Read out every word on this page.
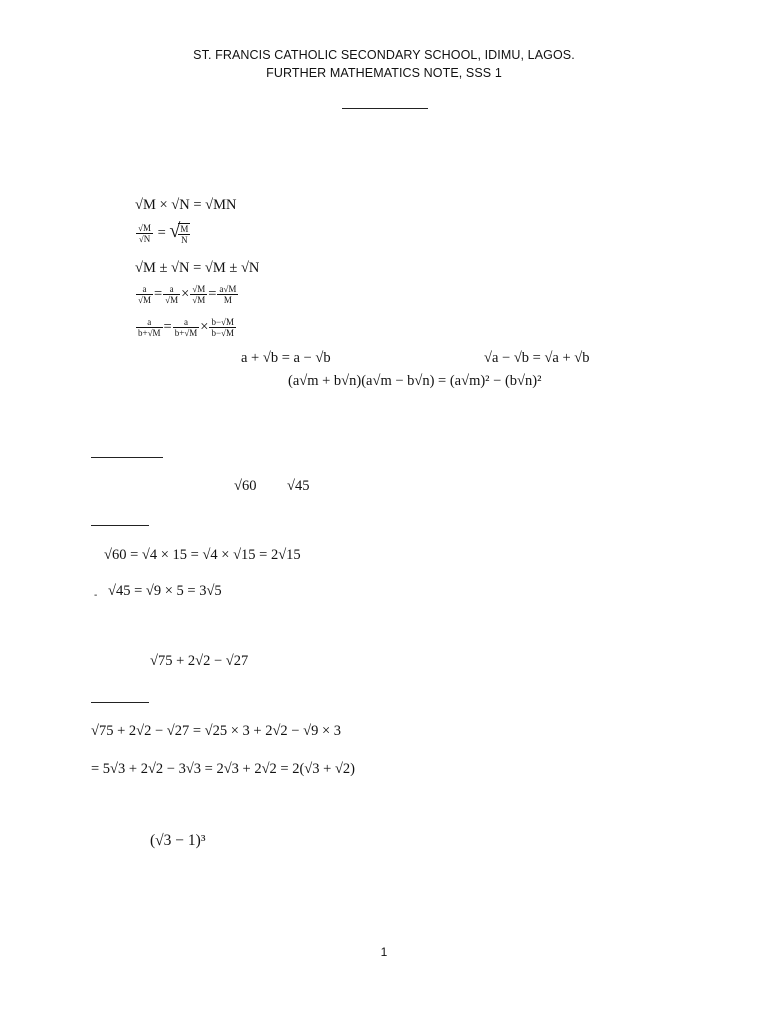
ST. FRANCIS CATHOLIC SECONDARY SCHOOL, IDIMU, LAGOS.
FURTHER MATHEMATICS NOTE, SSS 1
√M × √N = √MN
$\frac{√M}{√N}$ = √
$\frac{M}{N}$
√M ± √N = √M ± √N
$\frac{a}{√M} = \frac{a}{√M} \times \frac{√M}{√M} = \frac{a√M}{M}$
$\frac{a}{b+√M} = \frac{a}{b+√M} \times \frac{b-√M}{b-√M}$
a + √b = a − √b	√a − √b = √a + √b
(a√m + b√n)(a√m − b√n) = (a√m)² − (b√n)²
√60 √45
√60 = √4 × 15 = √4 × √15 = 2√15
- √45 = √9 × 5 = 3√5
√75 + 2√2 − √27
√75 + 2√2 − √27 = √25 × 3 + 2√2 − √9 × 3
= 5√3 + 2√2 − 3√3 = 2√3 + 2√2 = 2(√3 + √2)
(√3 − 1)³
1
